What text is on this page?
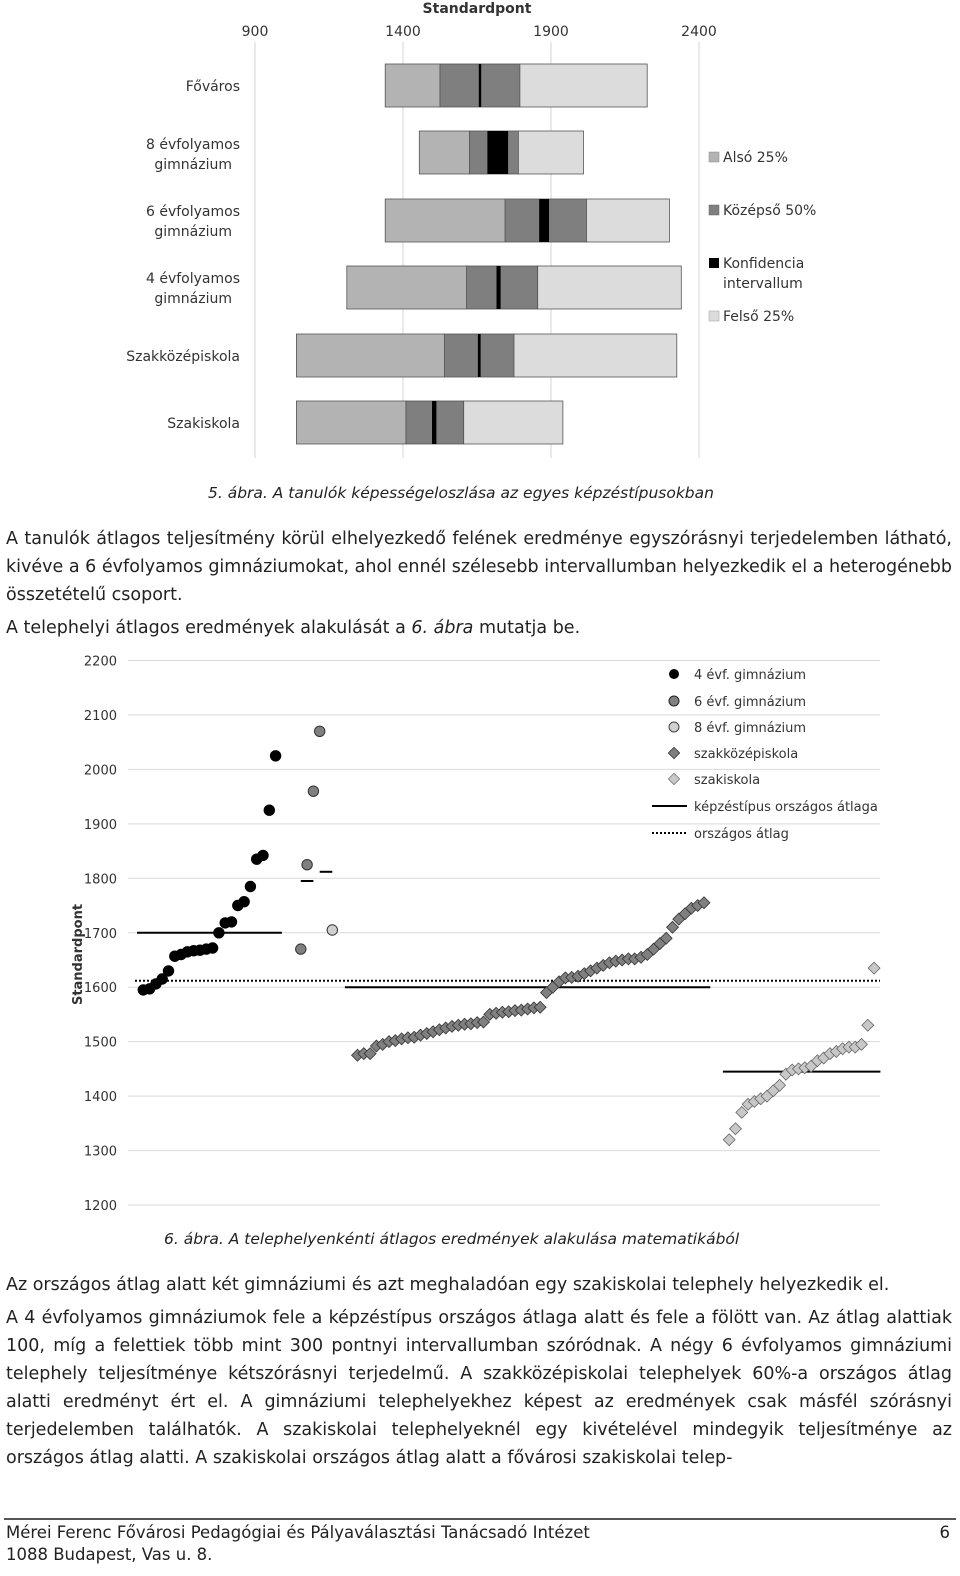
Standardpont
900	1400	1900	2400
Főváros
8 évfolyamos
gimnázium
6 évfolyamos
gimnázium
4 évfolyamos
gimnázium
Szakközépiskola
Szakiskola
Alsó 25%
Középső 50%
Konfidencia
intervallum
Felső 25%
5. ábra. A tanulók képességeloszlása az egyes képzéstípusokban
A tanulók átlagos teljesítmény körül elhelyezkedő felének eredménye egyszórásnyi terjedelemben látható, kivéve a 6 évfolyamos gimnáziumokat, ahol ennél szélesebb intervallumban helyezkedik el a heterogénebb összetételű csoport.
A telephelyi átlagos eredmények alakulását a 6. ábra mutatja be.
1200
1300
1400
1500
1600
1700
1800
1900
2000
2100
2200
Standardpont
4 évf. gimnázium
6 évf. gimnázium
8 évf. gimnázium
szakközépiskola
szakiskola
képzéstípus országos átlaga
országos átlag
6. ábra. A telephelyenkénti átlagos eredmények alakulása matematikából
Az országos átlag alatt két gimnáziumi és azt meghaladóan egy szakiskolai telephely helyezkedik el.
A 4 évfolyamos gimnáziumok fele a képzéstípus országos átlaga alatt és fele a fölött van. Az átlag alattiak 100, míg a felettiek több mint 300 pontnyi intervallumban szóródnak. A négy 6 évfolyamos gimnáziumi telephely teljesítménye kétszórásnyi terjedelmű. A szakközépiskolai telephelyek 60%-a országos átlag alatti eredményt ért el. A gimnáziumi telephelyekhez képest az eredmények csak másfél szórásnyi terjedelemben találhatók. A szakiskolai telephelyeknél egy kivételével mindegyik teljesítménye az országos átlag alatti. A szakiskolai országos átlag alatt a fővárosi szakiskolai telep-
Mérei Ferenc Fővárosi Pedagógiai és Pályaválasztási Tanácsadó Intézet	6
1088 Budapest, Vas u. 8.
